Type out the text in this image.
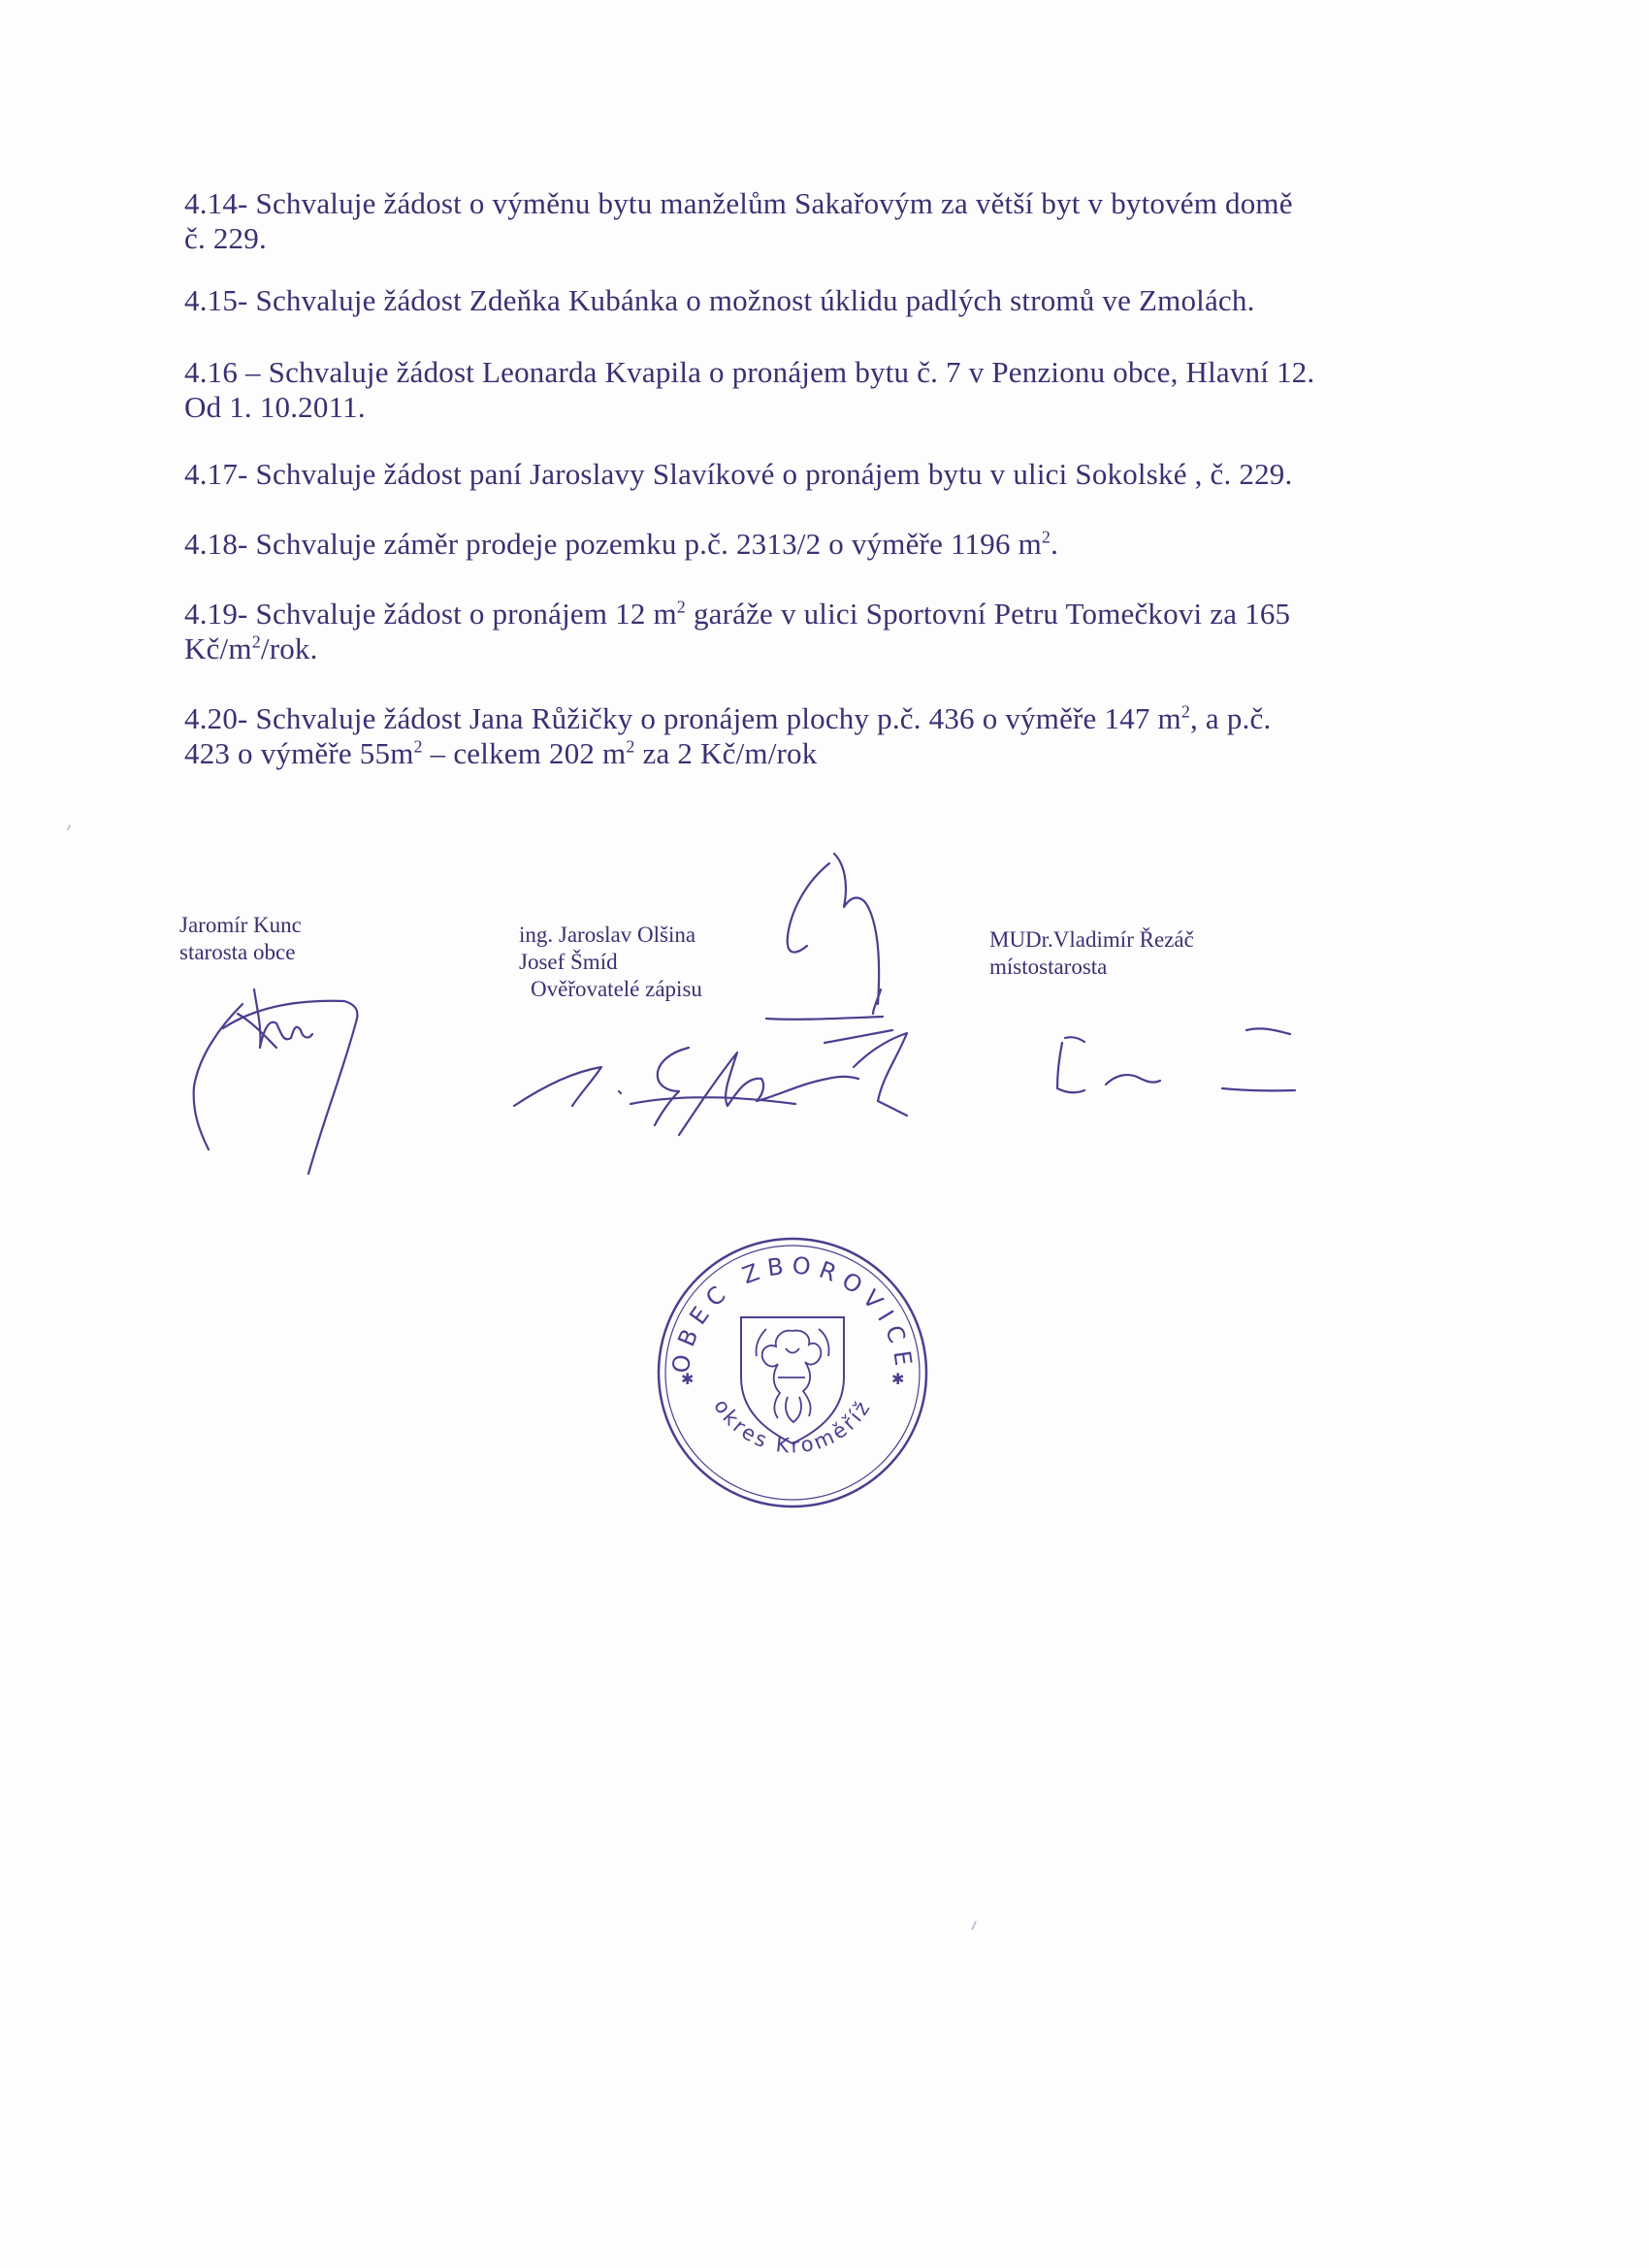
4.14- Schvaluje žádost o výměnu bytu manželům Sakařovým za větší byt v bytovém domě
č. 229.
4.15- Schvaluje žádost Zdeňka Kubánka o možnost úklidu padlých stromů ve Zmolách.
4.16 – Schvaluje žádost Leonarda Kvapila o pronájem bytu č. 7 v Penzionu obce, Hlavní 12.
Od 1. 10.2011.
4.17- Schvaluje žádost paní Jaroslavy Slavíkové o pronájem bytu v ulici Sokolské , č. 229.
4.18- Schvaluje záměr prodeje pozemku p.č. 2313/2 o výměře 1196 $m^2$.
4.19- Schvaluje žádost o pronájem 12 $m^2$ garáže v ulici Sportovní Petru Tomečkovi za 165
$Kč/m^2$/rok.
4.20- Schvaluje žádost Jana Růžičky o pronájem plochy p.č. 436 o výměře 147 $m^2$, a p.č.
423 o výměře $55m^2$ – celkem 202 $m^2$ za 2 Kč/m/rok
Jaromír Kunc
starosta obce
ing. Jaroslav Olšina
Josef Šmíd
Ověřovatelé zápisu
MUDr.Vladimír Řezáč
místostarosta
OBEC ZBOROVICE
okres Kroměříž
✱	✱
